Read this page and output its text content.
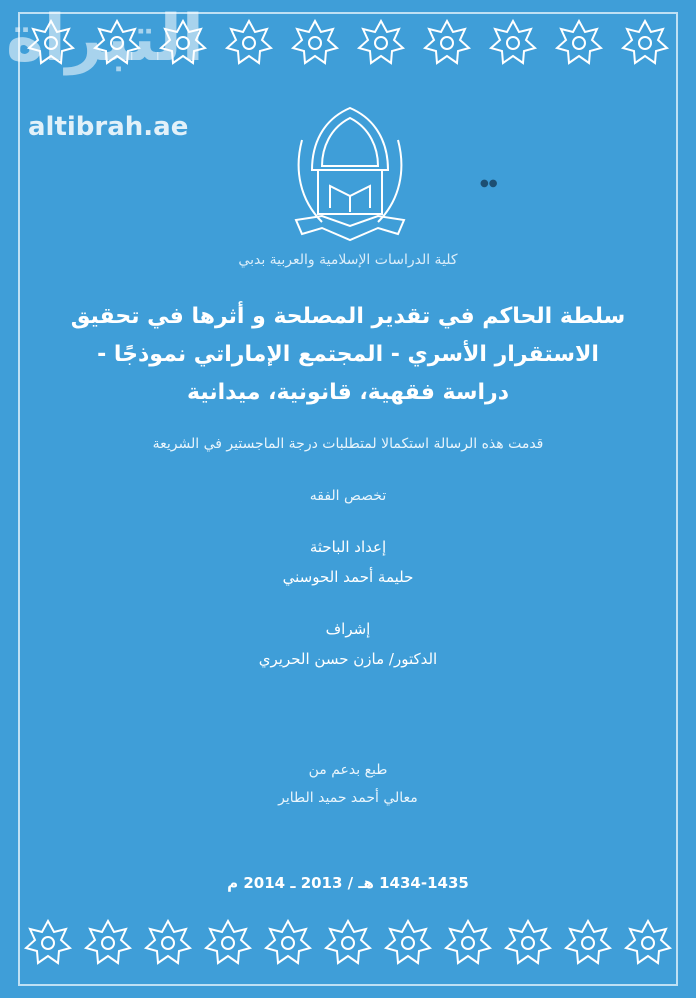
التبراة
altibrah.ae
●●
كلية الدراسات الإسلامية والعربية بدبي
سلطة الحاكم في تقدير المصلحة و أثرها في تحقيق
الاستقرار الأسري - المجتمع الإماراتي نموذجًا -
دراسة فقهية، قانونية، ميدانية
قدمت هذه الرسالة استكمالا لمتطلبات درجة الماجستير في الشريعة
تخصص الفقه
إعداد الباحثة
حليمة أحمد الحوسني
إشراف
الدكتور/ مازن حسن الحريري
طبع بدعم من
معالي أحمد حميد الطاير
1434-1435 هـ / 2013 ـ 2014 م
